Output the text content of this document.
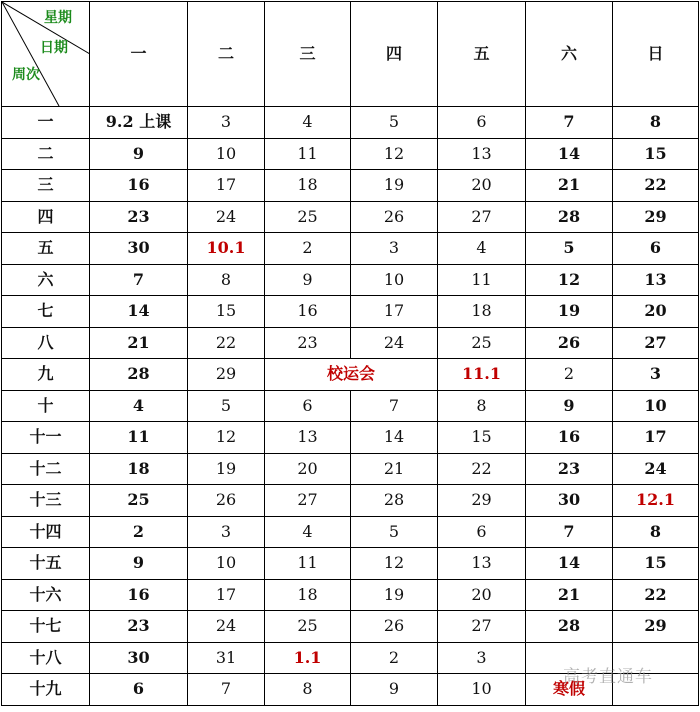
星期
日期
周次	一	二	三	四	五	六	日
一	9.2 上课	3	4	5	6	7	8
二	9	10	11	12	13	14	15
三	16	17	18	19	20	21	22
四	23	24	25	26	27	28	29
五	30	10.1	2	3	4	5	6
六	7	8	9	10	11	12	13
七	14	15	16	17	18	19	20
八	21	22	23	24	25	26	27
九	28	29	校运会		11.1	2	3
十	4	5	6	7	8	9	10
十一	11	12	13	14	15	16	17
十二	18	19	20	21	22	23	24
十三	25	26	27	28	29	30	12.1
十四	2	3	4	5	6	7	8
十五	9	10	11	12	13	14	15
十六	16	17	18	19	20	21	22
十七	23	24	25	26	27	28	29
十八	30	31	1.1	2	3		
十九	6	7	8	9	10	寒假	
高考直通车
